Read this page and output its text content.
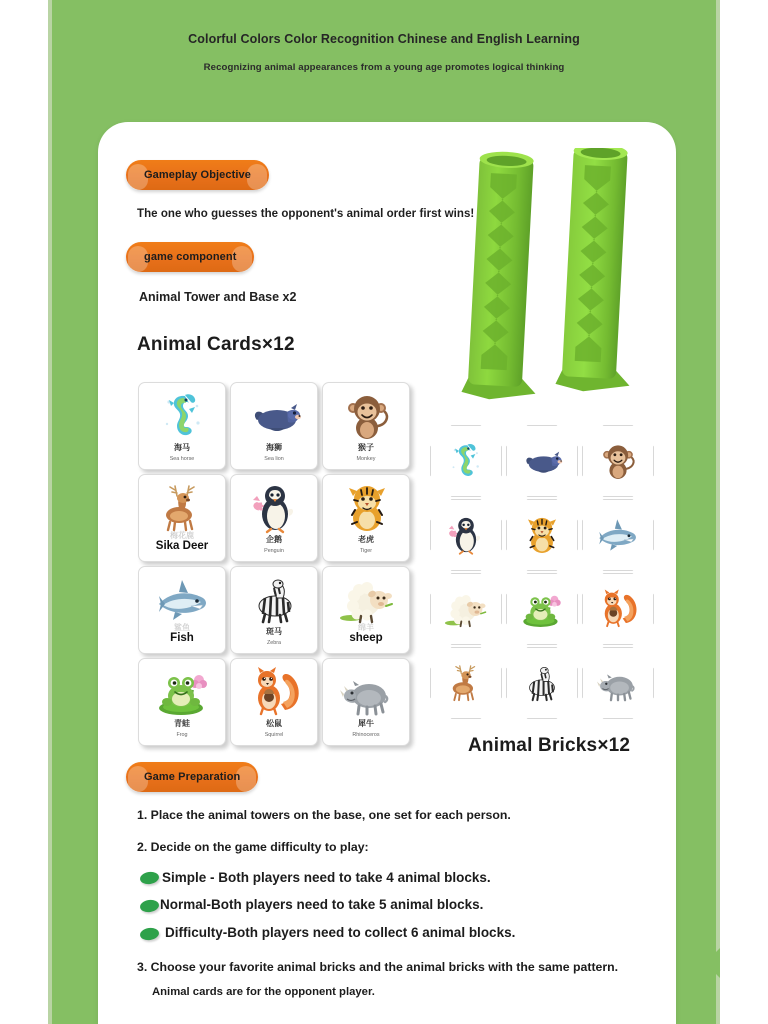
Colorful Colors Color Recognition Chinese and English Learning
Recognizing animal appearances from a young age promotes logical thinking

Gameplay Objective
The one who guesses the opponent's animal order first wins!
game component
Animal Tower and Base x2
Animal Cards×12
海马
Sea horse
海狮
Sea lion
猴子
Monkey
Sika Deer
梅花鹿	企鹅
Penguin
老虎
Tiger
Fish
鲨鱼	斑马
Zebra	sheep
绵羊
青蛙
Frog
松鼠
Squirrel
犀牛
Rhinoceros	Animal Bricks×12
Game Preparation
1. Place the animal towers on the base, one set for each person.
2. Decide on the game difficulty to play:
Simple - Both players need to take 4 animal blocks.
Normal-Both players need to take 5 animal blocks.
Difficulty-Both players need to collect 6 animal blocks.
3. Choose your favorite animal bricks and the animal bricks with the same pattern.
Animal cards are for the opponent player.
